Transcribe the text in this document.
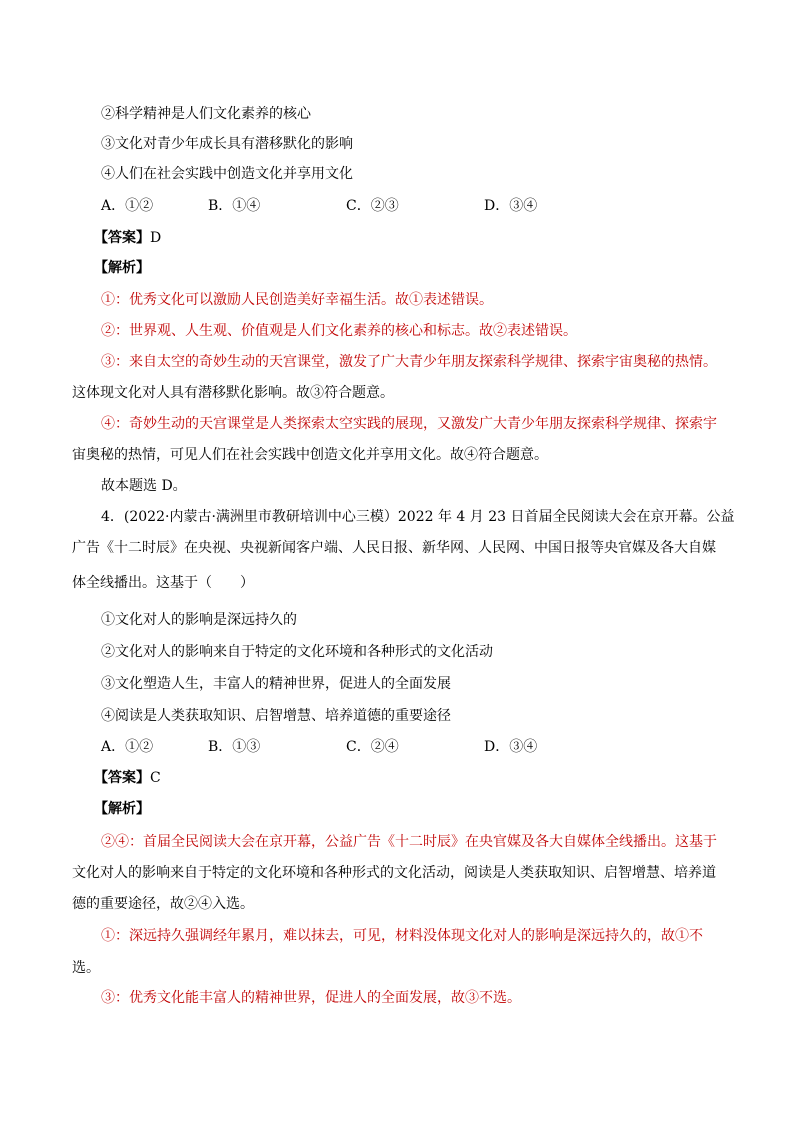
②科学精神是人们文化素养的核心
③文化对青少年成长具有潜移默化的影响
④人们在社会实践中创造文化并享用文化
A．①②	B．①④	C．②③	D．③④
【答案】D
【解析】
①：优秀文化可以激励人民创造美好幸福生活。故①表述错误。
②：世界观、人生观、价值观是人们文化素养的核心和标志。故②表述错误。
③：来自太空的奇妙生动的天宫课堂，激发了广大青少年朋友探索科学规律、探索宇宙奥秘的热情。
这体现文化对人具有潜移默化影响。故③符合题意。
④：奇妙生动的天宫课堂是人类探索太空实践的展现，又激发广大青少年朋友探索科学规律、探索宇
宙奥秘的热情，可见人们在社会实践中创造文化并享用文化。故④符合题意。
故本题选 D。
4．(2022·内蒙古·满洲里市教研培训中心三模）2022 年 4 月 23 日首届全民阅读大会在京开幕。公益
广告《十二时辰》在央视、央视新闻客户端、人民日报、新华网、人民网、中国日报等央官媒及各大自媒
体全线播出。这基于（　　）
①文化对人的影响是深远持久的
②文化对人的影响来自于特定的文化环境和各种形式的文化活动
③文化塑造人生，丰富人的精神世界，促进人的全面发展
④阅读是人类获取知识、启智增慧、培养道德的重要途径
A．①②	B．①③	C．②④	D．③④
【答案】C
【解析】
②④：首届全民阅读大会在京开幕，公益广告《十二时辰》在央官媒及各大自媒体全线播出。这基于
文化对人的影响来自于特定的文化环境和各种形式的文化活动，阅读是人类获取知识、启智增慧、培养道
德的重要途径，故②④入选。
①：深远持久强调经年累月，难以抹去，可见，材料没体现文化对人的影响是深远持久的，故①不
选。
③：优秀文化能丰富人的精神世界，促进人的全面发展，故③不选。
